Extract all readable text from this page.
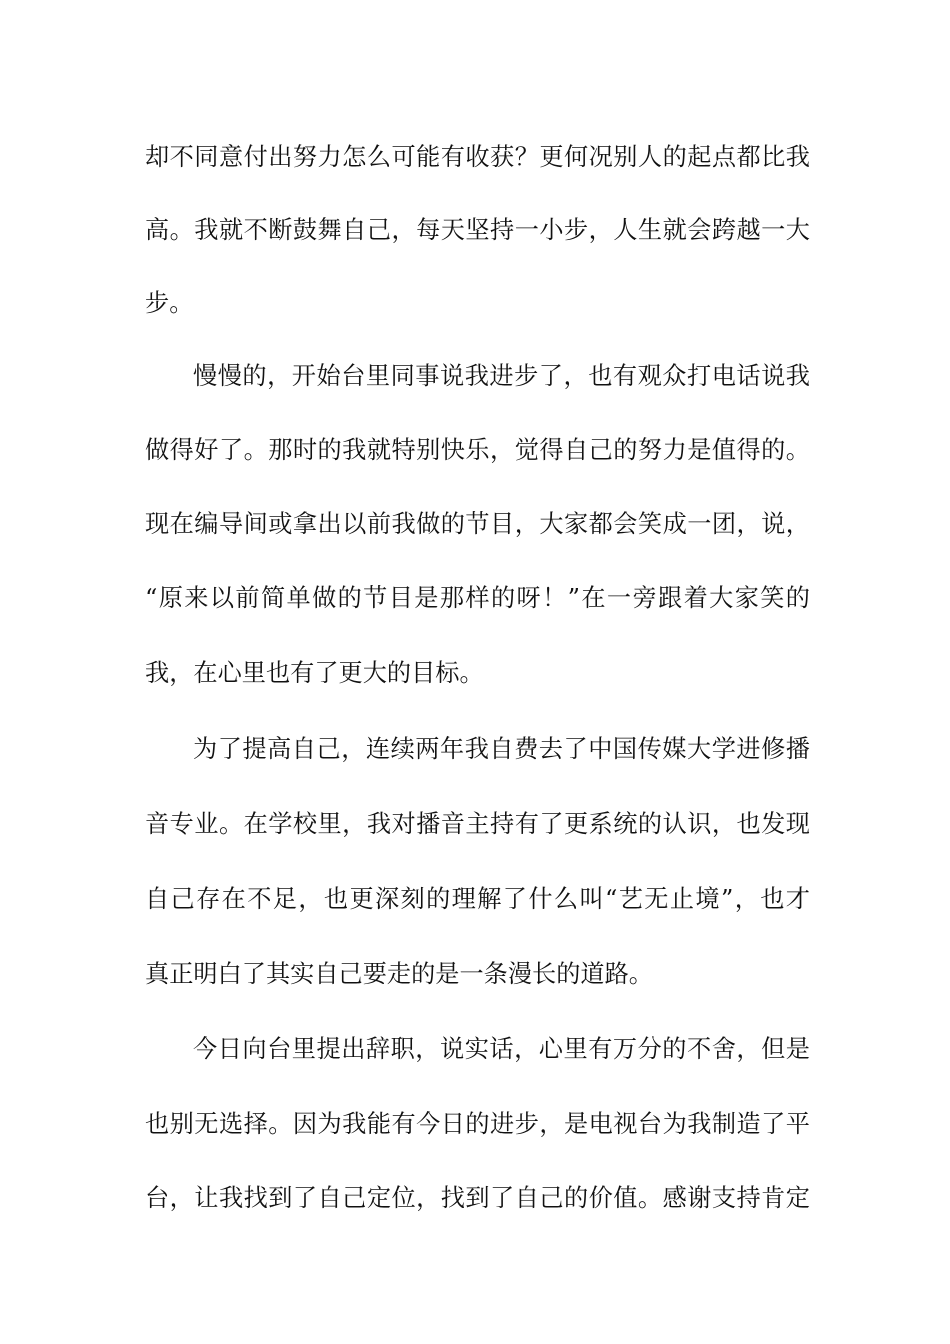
却不同意付出努力怎么可能有收获？更何况别人的起点都比我
高。我就不断鼓舞自己，每天坚持一小步，人生就会跨越一大
步。
慢慢的，开始台里同事说我进步了，也有观众打电话说我
做得好了。那时的我就特别快乐，觉得自己的努力是值得的。
现在编导间或拿出以前我做的节目，大家都会笑成一团，说，
“原来以前简单做的节目是那样的呀！”在一旁跟着大家笑的
我，在心里也有了更大的目标。
为了提高自己，连续两年我自费去了中国传媒大学进修播
音专业。在学校里，我对播音主持有了更系统的认识，也发现
自己存在不足，也更深刻的理解了什么叫“艺无止境”，也才
真正明白了其实自己要走的是一条漫长的道路。
今日向台里提出辞职，说实话，心里有万分的不舍，但是
也别无选择。因为我能有今日的进步，是电视台为我制造了平
台，让我找到了自己定位，找到了自己的价值。感谢支持肯定
